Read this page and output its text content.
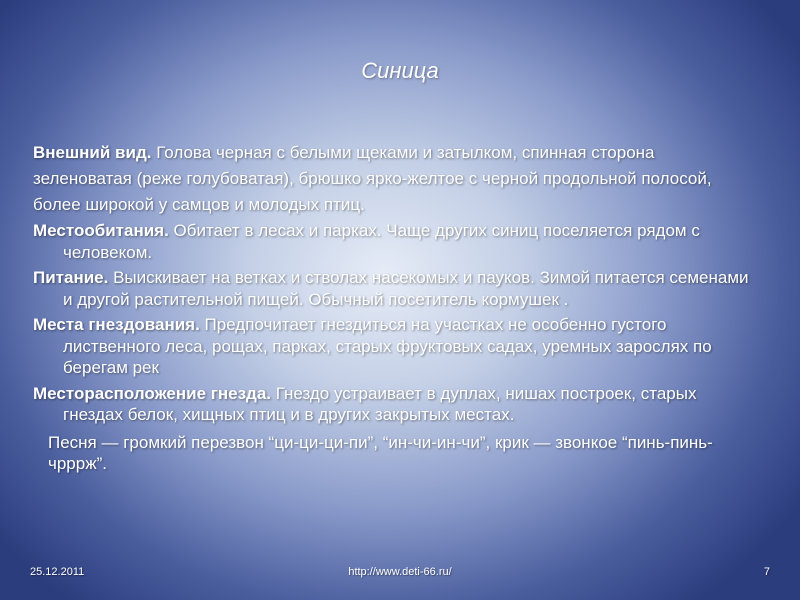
Синица
Внешний вид. Голова черная с белыми щеками и затылком, спинная сторона зеленоватая (реже голубоватая), брюшко ярко-желтое с черной продольной полосой, более широкой у самцов и молодых птиц.
Местообитания. Обитает в лесах и парках. Чаще других синиц поселяется рядом с человеком.
Питание. Выискивает на ветках и стволах насекомых и пауков. Зимой питается семенами и другой растительной пищей. Обычный посетитель кормушек .
Места гнездования. Предпочитает гнездиться на участках не особенно густого лиственного леса, рощах, парках, старых фруктовых садах, уремных зарослях по берегам рек
Месторасположение гнезда. Гнездо устраивает в дуплах, нишах построек, старых гнездах белок, хищных птиц и в других закрытых местах.
Песня — громкий перезвон “ци-ци-ци-пи”, “ин-чи-ин-чи”, крик — звонкое “пинь-пинь-чрррж”.
25.12.2011	http://www.deti-66.ru/	7
